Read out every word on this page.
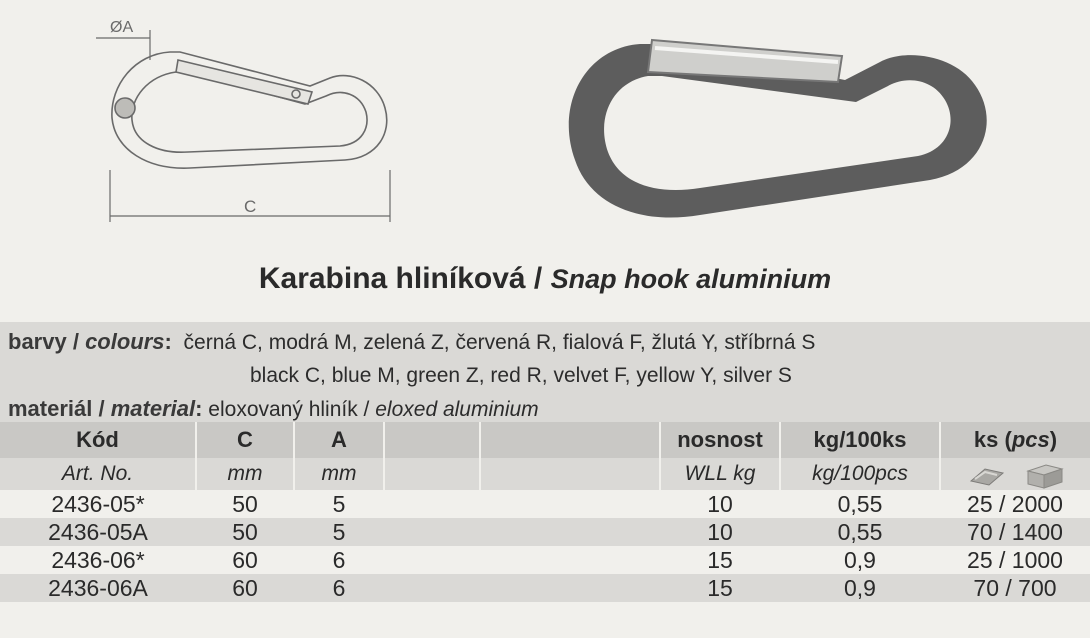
ØA
C
Karabina hliníková / Snap hook aluminium
barvy / colours: černá C, modrá M, zelená Z, červená R, fialová F, žlutá Y, stříbrná S
black C, blue M, green Z, red R, velvet F, yellow Y, silver S
materiál / material: eloxovaný hliník / eloxed aluminium
Kód	C	A			nosnost	kg/100ks	ks (pcs)
Art. No.	mm	mm			WLL kg	kg/100pcs	
2436-05*	50	5			10	0,55	25 / 2000
2436-05A	50	5			10	0,55	70 / 1400
2436-06*	60	6			15	0,9	25 / 1000
2436-06A	60	6			15	0,9	70 / 700
